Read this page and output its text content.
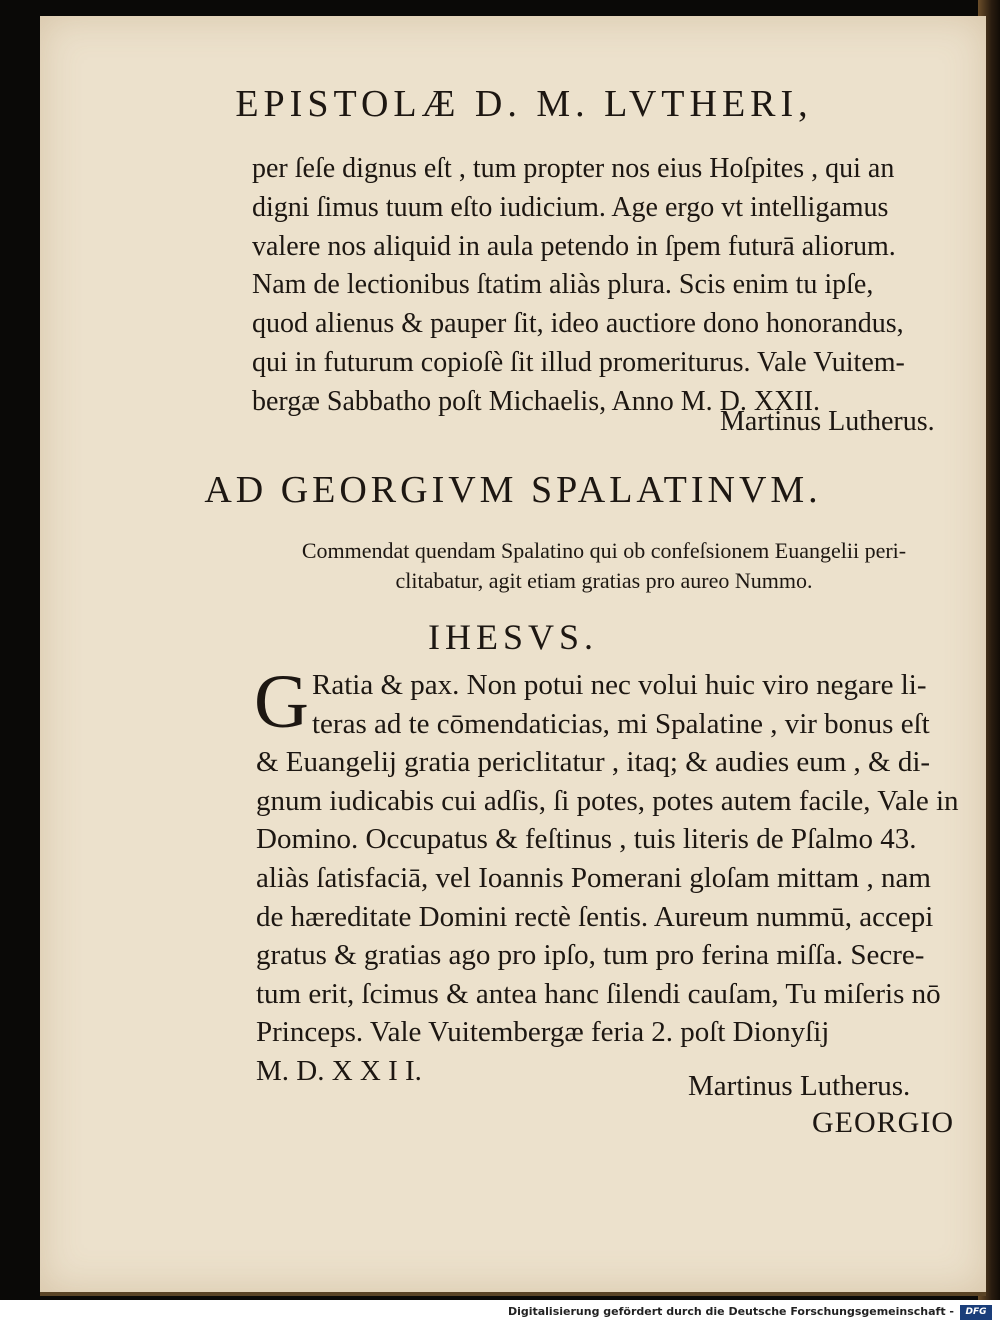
EPISTOLÆ D. M. LVTHERI,
per ſeſe dignus eſt , tum propter nos eius Hoſpites , qui an
digni ſimus tuum eſto iudicium. Age ergo vt intelligamus
valere nos aliquid in aula petendo in ſpem futurā aliorum.
Nam de lectionibus ſtatim aliàs plura. Scis enim tu ipſe,
quod alienus & pauper ſit, ideo auctiore dono honorandus,
qui in futurum copioſè ſit illud promeriturus. Vale Vuitem-
bergæ Sabbatho poſt Michaelis, Anno M. D. XXII.
Martinus Lutherus.
AD GEORGIVM SPALATINVM.
Commendat quendam Spalatino qui ob confeſsionem Euangelii peri-
clitabatur, agit etiam gratias pro aureo Nummo.
IHESVS.
G Ratia & pax. Non potui nec volui huic viro negare li-
teras ad te cōmendaticias, mi Spalatine , vir bonus eſt
& Euangelij gratia periclitatur , itaq; & audies eum , & di-
gnum iudicabis cui adſis, ſi potes, potes autem facile, Vale in
Domino. Occupatus & feſtinus , tuis literis de Pſalmo 43.
aliàs ſatisfaciā, vel Ioannis Pomerani gloſam mittam , nam
de hæreditate Domini rectè ſentis. Aureum nummū, accepi
gratus & gratias ago pro ipſo, tum pro ferina miſſa. Secre-
tum erit, ſcimus & antea hanc ſilendi cauſam, Tu miſeris nō
Princeps. Vale Vuitembergæ feria 2. poſt Dionyſij
M. D. X X I I.	Martinus Lutherus.
GEORGIO
Digitalisierung gefördert durch die Deutsche Forschungsgemeinschaft -	DFG
